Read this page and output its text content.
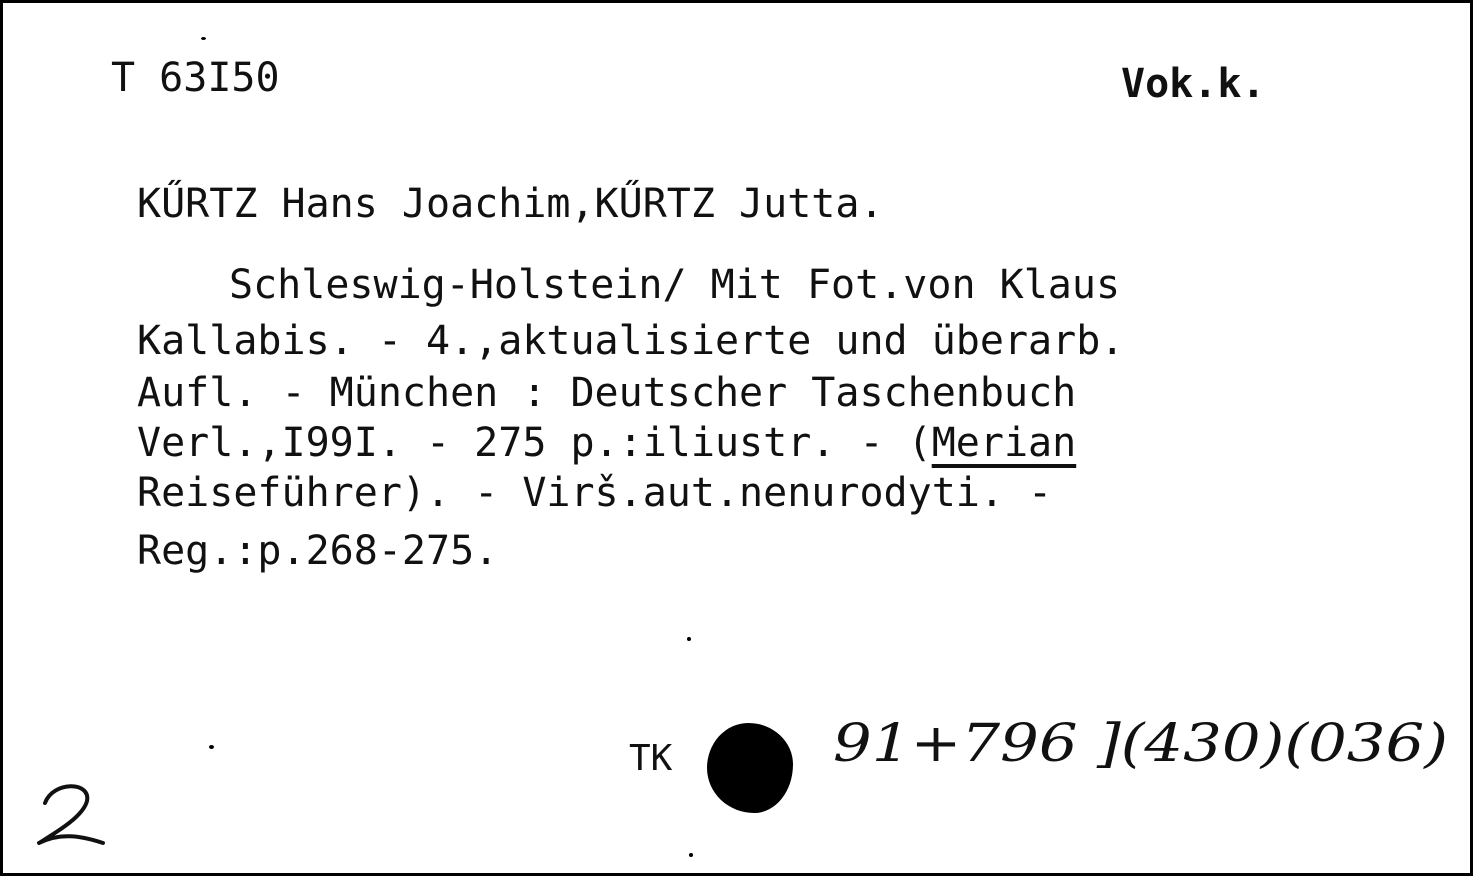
T 63I50	Vok.k.
KŰRTZ Hans Joachim,KŰRTZ Jutta.
Schleswig-Holstein/ Mit Fot.von Klaus
Kallabis. - 4.,aktualisierte und überarb.
Aufl. - München : Deutscher Taschenbuch
Verl.,I99I. - 275 p.:iliustr. - (Merian
Reiseführer). - Virš.aut.nenurodyti. -
Reg.:p.268-275.
TK	91+796 ](430)(036)
